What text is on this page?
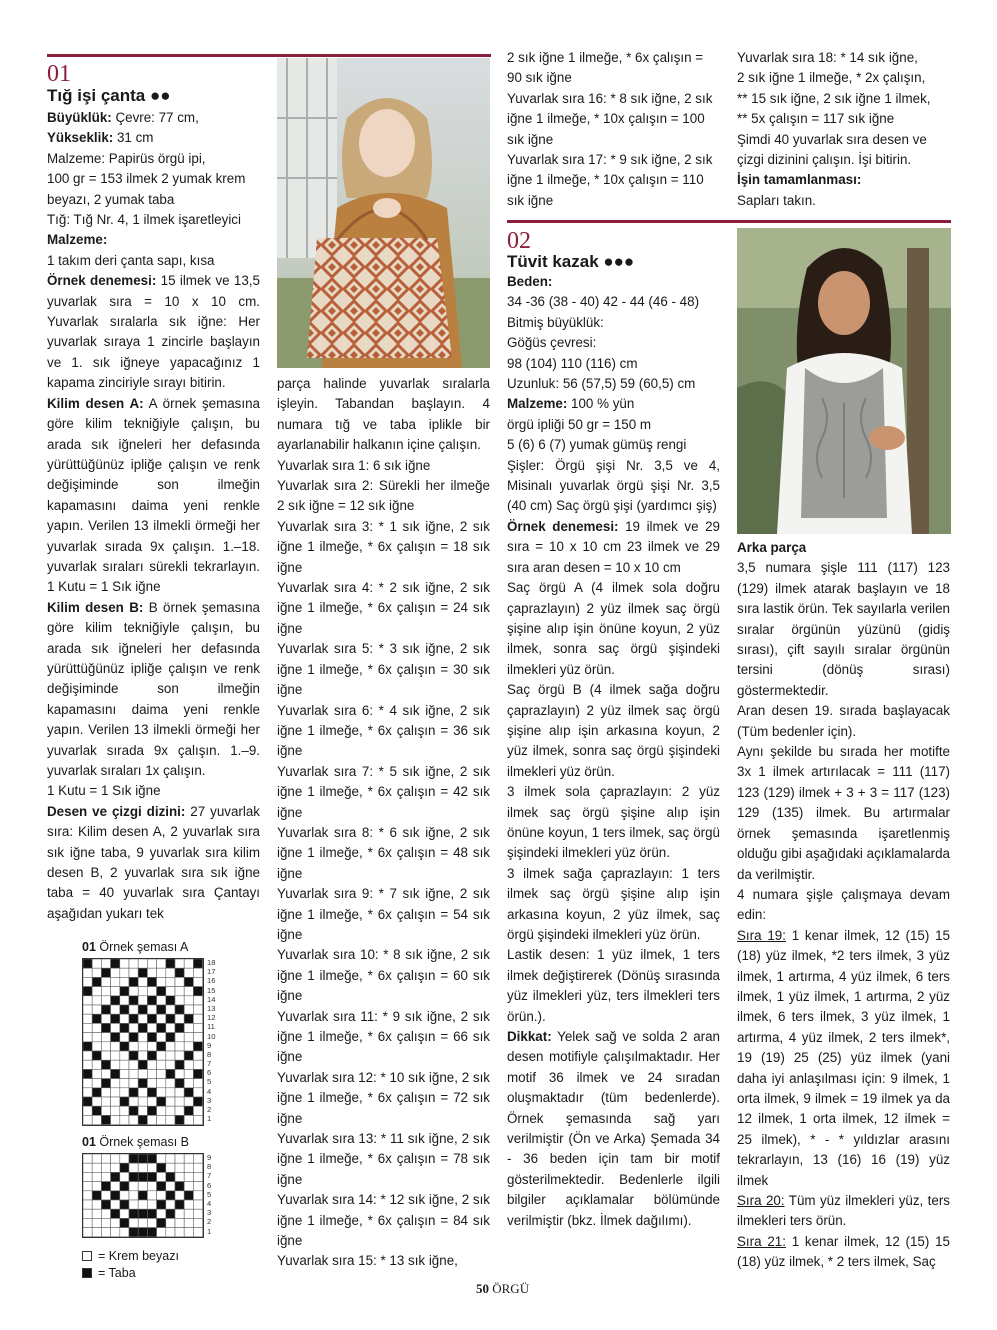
01
Tığ işi çanta ●●

Büyüklük: Çevre: 77 cm,

Yükseklik: 31 cm

Malzeme: Papirüs örgü ipi,

100 gr = 153 ilmek 2 yumak krem

beyazı, 2 yumak taba

Tığ: Tığ Nr. 4, 1 ilmek işaretleyici

Malzeme:

1 takım deri çanta sapı, kısa

Örnek denemesi: 15 ilmek ve 13,5 yuvarlak sıra = 10 x 10 cm. Yuvarlak sıralarla sık iğne: Her yuvarlak sıraya 1 zincirle başlayın ve 1. sık iğneye yapacağınız 1 kapama zinciriyle sırayı bitirin.

Kilim desen A: A örnek şemasına göre kilim tekniğiyle çalışın, bu arada sık iğneleri her defasında yürüttüğünüz ipliğe çalışın ve renk değişiminde son ilmeğin kapamasını daima yeni renkle yapın. Verilen 13 ilmekli örmeği her yuvarlak sırada 9x çalışın. 1.–18. yuvarlak sıraları sürekli tekrarlayın. 1 Kutu = 1 Sık iğne

Kilim desen B: B örnek şemasına göre kilim tekniğiyle çalışın, bu arada sık iğneleri her defasında yürüttüğünüz ipliğe çalışın ve renk değişiminde son ilmeğin kapamasını daima yeni renkle yapın. Verilen 13 ilmekli örmeği her yuvarlak sırada 9x çalışın. 1.–9. yuvarlak sıraları 1x çalışın.

1 Kutu = 1 Sık iğne

Desen ve çizgi dizini: 27 yuvarlak sıra: Kilim desen A, 2 yuvarlak sıra sık iğne taba, 9 yuvarlak sıra kilim desen B, 2 yuvarlak sıra sık iğne taba = 40 yuvarlak sıra Çantayı aşağıdan yukarı tek

parça halinde yuvarlak sıralarla işleyin. Tabandan başlayın. 4 numara tığ ve taba iplikle bir ayarlanabilir halkanın içine çalışın.

Yuvarlak sıra 1: 6 sık iğne

Yuvarlak sıra 2: Sürekli her ilmeğe 2 sık iğne = 12 sık iğne

Yuvarlak sıra 3: * 1 sık iğne, 2 sık iğne 1 ilmeğe, * 6x çalışın = 18 sık iğne

Yuvarlak sıra 4: * 2 sık iğne, 2 sık iğne 1 ilmeğe, * 6x çalışın = 24 sık iğne

Yuvarlak sıra 5: * 3 sık iğne, 2 sık iğne 1 ilmeğe, * 6x çalışın = 30 sık iğne

Yuvarlak sıra 6: * 4 sık iğne, 2 sık iğne 1 ilmeğe, * 6x çalışın = 36 sık iğne

Yuvarlak sıra 7: * 5 sık iğne, 2 sık iğne 1 ilmeğe, * 6x çalışın = 42 sık iğne

Yuvarlak sıra 8: * 6 sık iğne, 2 sık iğne 1 ilmeğe, * 6x çalışın = 48 sık iğne

Yuvarlak sıra 9: * 7 sık iğne, 2 sık iğne 1 ilmeğe, * 6x çalışın = 54 sık iğne

Yuvarlak sıra 10: * 8 sık iğne, 2 sık iğne 1 ilmeğe, * 6x çalışın = 60 sık iğne

Yuvarlak sıra 11: * 9 sık iğne, 2 sık iğne 1 ilmeğe, * 6x çalışın = 66 sık iğne

Yuvarlak sıra 12: * 10 sık iğne, 2 sık iğne 1 ilmeğe, * 6x çalışın = 72 sık iğne

Yuvarlak sıra 13: * 11 sık iğne, 2 sık iğne 1 ilmeğe, * 6x çalışın = 78 sık iğne

Yuvarlak sıra 14: * 12 sık iğne, 2 sık iğne 1 ilmeğe, * 6x çalışın = 84 sık iğne

Yuvarlak sıra 15: * 13 sık iğne,

2 sık iğne 1 ilmeğe, * 6x çalışın = 90 sık iğne

Yuvarlak sıra 16: * 8 sık iğne, 2 sık iğne 1 ilmeğe, * 10x çalışın = 100 sık iğne

Yuvarlak sıra 17: * 9 sık iğne, 2 sık iğne 1 ilmeğe, * 10x çalışın = 110 sık iğne

Yuvarlak sıra 18: * 14 sık iğne,

2 sık iğne 1 ilmeğe, * 2x çalışın,

** 15 sık iğne, 2 sık iğne 1 ilmek,

** 5x çalışın = 117 sık iğne

Şimdi 40 yuvarlak sıra desen ve çizgi dizinini çalışın. İşi bitirin.

İşin tamamlanması:

Sapları takın.

02
Tüvit kazak ●●●

Beden:

34 -36 (38 - 40) 42 - 44 (46 - 48)

Bitmiş büyüklük:

Göğüs çevresi:

98 (104) 110 (116) cm

Uzunluk: 56 (57,5) 59 (60,5) cm

Malzeme: 100 % yün

örgü ipliği 50 gr = 150 m

5 (6) 6 (7) yumak gümüş rengi

Şişler: Örgü şişi Nr. 3,5 ve 4, Misinalı yuvarlak örgü şişi Nr. 3,5 (40 cm) Saç örgü şişi (yardımcı şiş)

Örnek denemesi: 19 ilmek ve 29 sıra = 10 x 10 cm 23 ilmek ve 29 sıra aran desen = 10 x 10 cm

Saç örgü A (4 ilmek sola doğru çaprazlayın) 2 yüz ilmek saç örgü şişine alıp işin önüne koyun, 2 yüz ilmek, sonra saç örgü şişindeki ilmekleri yüz örün.

Saç örgü B (4 ilmek sağa doğru çaprazlayın) 2 yüz ilmek saç örgü şişine alıp işin arkasına koyun, 2 yüz ilmek, sonra saç örgü şişindeki ilmekleri yüz örün.

3 ilmek sola çaprazlayın: 2 yüz ilmek saç örgü şişine alıp işin önüne koyun, 1 ters ilmek, saç örgü şişindeki ilmekleri yüz örün.

3 ilmek sağa çaprazlayın: 1 ters ilmek saç örgü şişine alıp işin arkasına koyun, 2 yüz ilmek, saç örgü şişindeki ilmekleri yüz örün.

Lastik desen: 1 yüz ilmek, 1 ters ilmek değiştirerek (Dönüş sırasında yüz ilmekleri yüz, ters ilmekleri ters örün.).

Dikkat: Yelek sağ ve solda 2 aran desen motifiyle çalışılmaktadır. Her motif 36 ilmek ve 24 sıradan oluşmaktadır (tüm bedenlerde). Örnek şemasında sağ yarı verilmiştir (Ön ve Arka) Şemada 34 - 36 beden için tam bir motif gösterilmektedir. Bedenlerle ilgili bilgiler açıklamalar bölümünde verilmiştir (bkz. İlmek dağılımı).

Arka parça

3,5 numara şişle 111 (117) 123 (129) ilmek atarak başlayın ve 18 sıra lastik örün. Tek sayılarla verilen sıralar örgünün yüzünü (gidiş sırası), çift sayılı sıralar örgünün tersini (dönüş sırası) göstermektedir.

Aran desen 19. sırada başlayacak (Tüm bedenler için).

Aynı şekilde bu sırada her motifte 3x 1 ilmek artırılacak = 111 (117) 123 (129) ilmek + 3 + 3 = 117 (123) 129 (135) ilmek. Bu artırmalar örnek şemasında işaretlenmiş olduğu gibi aşağıdaki açıklamalarda da verilmiştir.

4 numara şişle çalışmaya devam edin:

Sıra 19: 1 kenar ilmek, 12 (15) 15 (18) yüz ilmek, *2 ters ilmek, 3 yüz ilmek, 1 artırma, 4 yüz ilmek, 6 ters ilmek, 1 yüz ilmek, 1 artırma, 2 yüz ilmek, 6 ters ilmek, 3 yüz ilmek, 1 artırma, 4 yüz ilmek, 2 ters ilmek*, 19 (19) 25 (25) yüz ilmek (yani daha iyi anlaşılması için: 9 ilmek, 1 orta ilmek, 9 ilmek = 19 ilmek ya da 12 ilmek, 1 orta ilmek, 12 ilmek = 25 ilmek), * - * yıldızlar arasını tekrarlayın, 13 (16) 16 (19) yüz ilmek

Sıra 20: Tüm yüz ilmekleri yüz, ters ilmekleri ters örün.

Sıra 21: 1 kenar ilmek, 12 (15) 15 (18) yüz ilmek, * 2 ters ilmek, Saç

01 Örnek şeması A
18
17
16
15
14
13
12
11
10
9
8
7
6
5
4
3
2
1
01 Örnek şeması B
9
8
7
6
5
4
3
2
1
= Krem beyazı
= Taba
50 ÖRGÜ
